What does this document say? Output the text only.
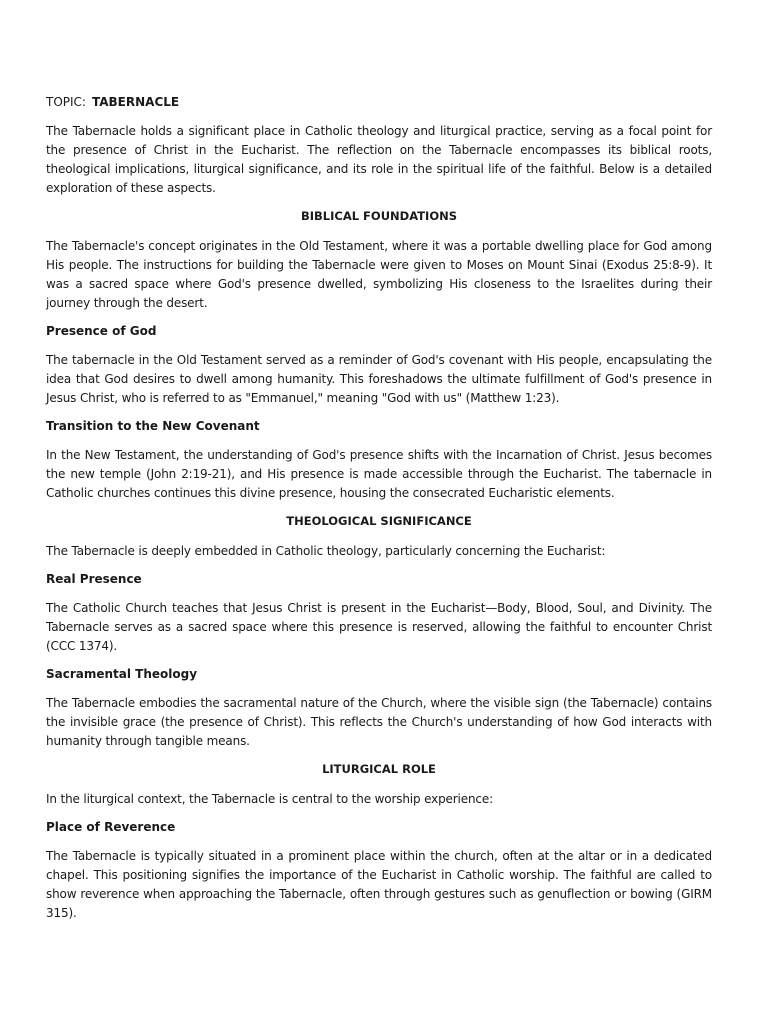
TOPIC: TABERNACLE

The Tabernacle holds a significant place in Catholic theology and liturgical practice, serving as a focal point for the presence of Christ in the Eucharist. The reflection on the Tabernacle encompasses its biblical roots, theological implications, liturgical significance, and its role in the spiritual life of the faithful. Below is a detailed exploration of these aspects.

BIBLICAL FOUNDATIONS

The Tabernacle's concept originates in the Old Testament, where it was a portable dwelling place for God among His people. The instructions for building the Tabernacle were given to Moses on Mount Sinai (Exodus 25:8-9). It was a sacred space where God's presence dwelled, symbolizing His closeness to the Israelites during their journey through the desert.

Presence of God

The tabernacle in the Old Testament served as a reminder of God's covenant with His people, encapsulating the idea that God desires to dwell among humanity. This foreshadows the ultimate fulfillment of God's presence in Jesus Christ, who is referred to as "Emmanuel," meaning "God with us" (Matthew 1:23).

Transition to the New Covenant

In the New Testament, the understanding of God's presence shifts with the Incarnation of Christ. Jesus becomes the new temple (John 2:19-21), and His presence is made accessible through the Eucharist. The tabernacle in Catholic churches continues this divine presence, housing the consecrated Eucharistic elements.

THEOLOGICAL SIGNIFICANCE

The Tabernacle is deeply embedded in Catholic theology, particularly concerning the Eucharist:

Real Presence

The Catholic Church teaches that Jesus Christ is present in the Eucharist—Body, Blood, Soul, and Divinity. The Tabernacle serves as a sacred space where this presence is reserved, allowing the faithful to encounter Christ (CCC 1374).

Sacramental Theology

The Tabernacle embodies the sacramental nature of the Church, where the visible sign (the Tabernacle) contains the invisible grace (the presence of Christ). This reflects the Church's understanding of how God interacts with humanity through tangible means.

LITURGICAL ROLE

In the liturgical context, the Tabernacle is central to the worship experience:

Place of Reverence

The Tabernacle is typically situated in a prominent place within the church, often at the altar or in a dedicated chapel. This positioning signifies the importance of the Eucharist in Catholic worship. The faithful are called to show reverence when approaching the Tabernacle, often through gestures such as genuflection or bowing (GIRM 315).
